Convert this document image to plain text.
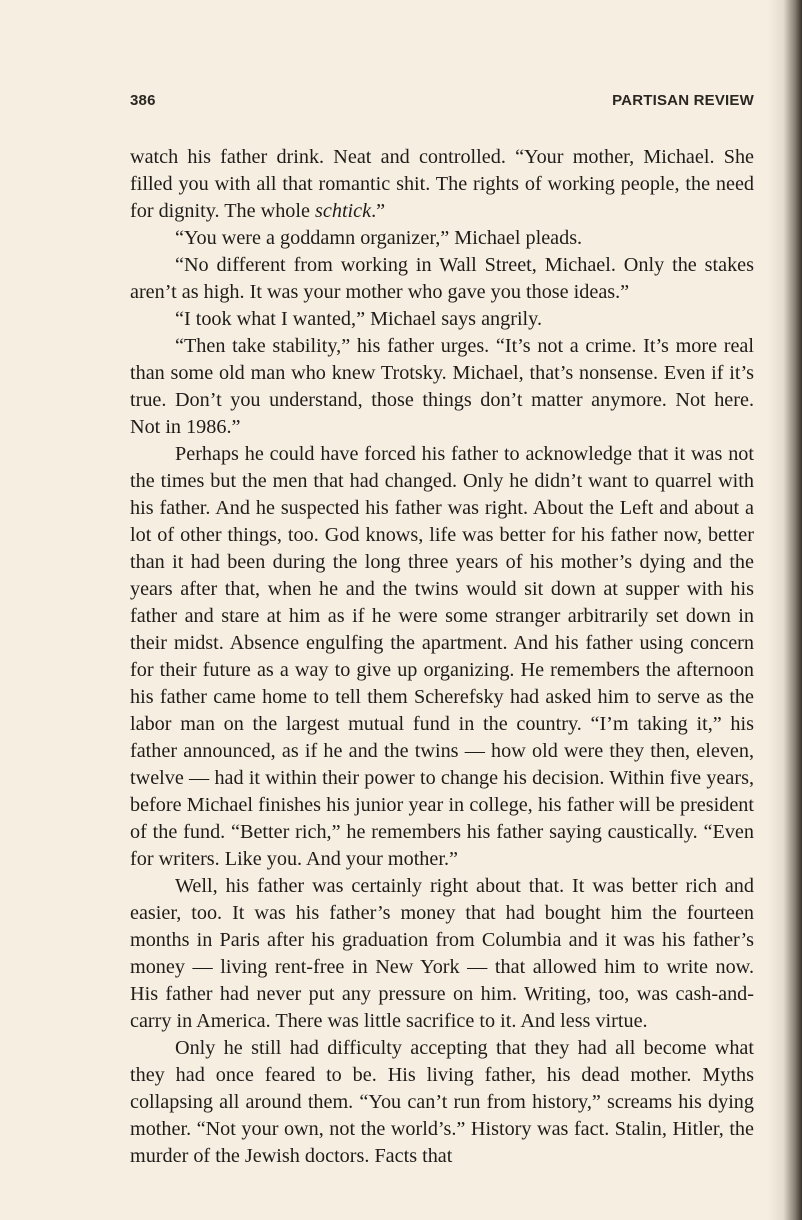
386	PARTISAN REVIEW

watch his father drink. Neat and controlled. “Your mother, Michael. She filled you with all that romantic shit. The rights of working people, the need for dignity. The whole schtick.”

“You were a goddamn organizer,” Michael pleads.

“No different from working in Wall Street, Michael. Only the stakes aren’t as high. It was your mother who gave you those ideas.”

“I took what I wanted,” Michael says angrily.

“Then take stability,” his father urges. “It’s not a crime. It’s more real than some old man who knew Trotsky. Michael, that’s nonsense. Even if it’s true. Don’t you understand, those things don’t matter anymore. Not here. Not in 1986.”

Perhaps he could have forced his father to acknowledge that it was not the times but the men that had changed. Only he didn’t want to quarrel with his father. And he suspected his father was right. About the Left and about a lot of other things, too. God knows, life was better for his father now, better than it had been during the long three years of his mother’s dying and the years after that, when he and the twins would sit down at supper with his father and stare at him as if he were some stranger arbitrarily set down in their midst. Absence engulfing the apartment. And his father using concern for their future as a way to give up organizing. He remembers the afternoon his father came home to tell them Scherefsky had asked him to serve as the labor man on the largest mutual fund in the country. “I’m taking it,” his father announced, as if he and the twins — how old were they then, eleven, twelve — had it within their power to change his decision. Within five years, before Michael finishes his junior year in college, his father will be president of the fund. “Better rich,” he remembers his father saying caustically. “Even for writers. Like you. And your mother.”

Well, his father was certainly right about that. It was better rich and easier, too. It was his father’s money that had bought him the fourteen months in Paris after his graduation from Columbia and it was his father’s money — living rent-free in New York — that allowed him to write now. His father had never put any pressure on him. Writing, too, was cash-and-carry in America. There was little sacrifice to it. And less virtue.

Only he still had difficulty accepting that they had all become what they had once feared to be. His living father, his dead mother. Myths collapsing all around them. “You can’t run from history,” screams his dying mother. “Not your own, not the world’s.” History was fact. Stalin, Hitler, the murder of the Jewish doctors. Facts that
